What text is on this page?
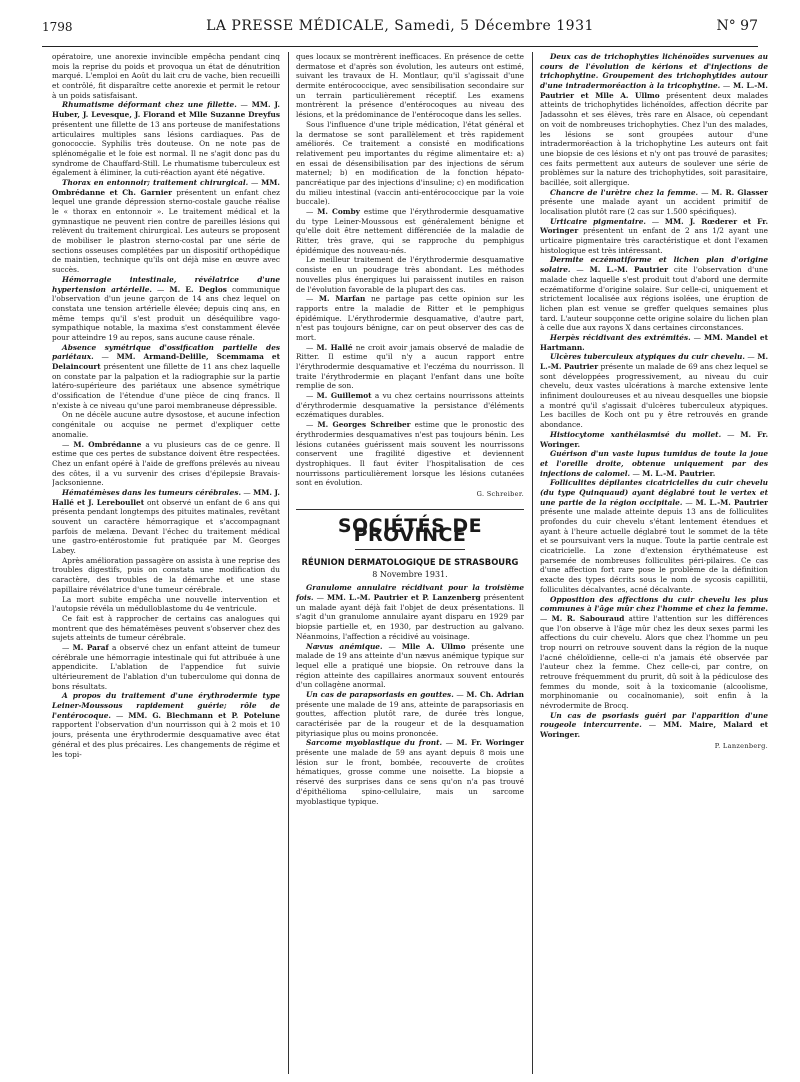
1798	LA PRESSE MÉDICALE, Samedi, 5 Décembre 1931	N° 97

opératoire, une anorexie invincible empêcha pendant cinq mois la reprise du poids et provoqua un état de dénutrition marqué. L'emploi en Août du lait cru de vache, bien recueilli et contrôlé, fit disparaître cette anorexie et permit le retour à un poids satisfaisant.

Rhumatisme déformant chez une fillette. — MM. J. Huber, J. Levesque, J. Florand et Mlle Suzanne Dreyfus présentent une fillette de 13 ans porteuse de manifestations articulaires multiples sans lésions cardiaques. Pas de gonococcie. Syphilis très douteuse. On ne note pas de splénomégalie et le foie est normal. Il ne s'agit donc pas du syndrome de Chauffard-Still. Le rhumatisme tuberculeux est également à éliminer, la cuti-réaction ayant été négative.

Thorax en entonnoir; traitement chirurgical. — MM. Ombrédanne et Ch. Garnier présentent un enfant chez lequel une grande dépression sterno-costale gauche réalise le « thorax en entonnoir ». Le traitement médical et la gymnastique ne peuvent rien contre de pareilles lésions qui relèvent du traitement chirurgical. Les auteurs se proposent de mobiliser le plastron sterno-costal par une série de sections osseuses complétées par un dispositif orthopédique de maintien, technique qu'ils ont déjà mise en œuvre avec succès.

Hémorragie intestinale, révélatrice d'une hypertension artérielle. — M. E. Deglos communique l'observation d'un jeune garçon de 14 ans chez lequel on constata une tension artérielle élevée; depuis cinq ans, en même temps qu'il s'est produit un déséquilibre vago-sympathique notable, la maxima s'est constamment élevée pour atteindre 19 au repos, sans aucune cause rénale.

Absence symétrique d'ossification partielle des pariétaux. — MM. Armand-Delille, Scemmama et Delaincourt présentent une fillette de 11 ans chez laquelle on constate par la palpation et la radiographie sur la partie latéro-supérieure des pariétaux une absence symétrique d'ossification de l'étendue d'une pièce de cinq francs. Il n'existe à ce niveau qu'une paroi membraneuse dépressible.

On ne décèle aucune autre dysostose, et aucune infection congénitale ou acquise ne permet d'expliquer cette anomalie.

— M. Ombrédanne a vu plusieurs cas de ce genre. Il estime que ces pertes de substance doivent être respectées. Chez un enfant opéré à l'aide de greffons prélevés au niveau des côtes, il a vu survenir des crises d'épilepsie Bravais-Jacksonienne.

Hématémèses dans les tumeurs cérébrales. — MM. J. Hallé et J. Lereboullet ont observé un enfant de 6 ans qui présenta pendant longtemps des pituites matinales, revêtant souvent un caractère hémorragique et s'accompagnant parfois de melæna. Devant l'échec du traitement médical une gastro-entérostomie fut pratiquée par M. Georges Labey.

Après amélioration passagère on assista à une reprise des troubles digestifs, puis on constata une modification du caractère, des troubles de la démarche et une stase papillaire révélatrice d'une tumeur cérébrale.

La mort subite empêcha une nouvelle intervention et l'autopsie révéla un médulloblastome du 4e ventricule.

Ce fait est à rapprocher de certains cas analogues qui montrent que des hématémèses peuvent s'observer chez des sujets atteints de tumeur cérébrale.

— M. Paraf a observé chez un enfant atteint de tumeur cérébrale une hémorragie intestinale qui fut attribuée à une appendicite. L'ablation de l'appendice fut suivie ultérieurement de l'ablation d'un tuberculome qui donna de bons résultats.

A propos du traitement d'une érythrodermie type Leiner-Moussous rapidement guérie; rôle de l'entérocoque. — MM. G. Blechmann et P. Potelune rapportent l'observation d'un nourrisson qui à 2 mois et 10 jours, présenta une érythrodermie desquamative avec état général et des plus précaires. Les changements de régime et les topi-

ques locaux se montrèrent inefficaces. En présence de cette dermatose et d'après son évolution, les auteurs ont estimé, suivant les travaux de H. Montlaur, qu'il s'agissait d'une dermite entérococcique, avec sensibilisation secondaire sur un terrain particulièrement réceptif. Les examens montrèrent la présence d'entérocoques au niveau des lésions, et la prédominance de l'entérocoque dans les selles.

Sous l'influence d'une triple médication, l'état général et la dermatose se sont parallèlement et très rapidement améliorés. Ce traitement a consisté en modifications relativement peu importantes du régime alimentaire et: a) en essai de désensibilisation par des injections de sérum maternel; b) en modification de la fonction hépato-pancréatique par des injections d'insuline; c) en modification du milieu intestinal (vaccin anti-entérococcique par la voie buccale).

— M. Comby estime que l'érythrodermie desquamative du type Leiner-Moussous est généralement bénigne et qu'elle doit être nettement différenciée de la maladie de Ritter, très grave, qui se rapproche du pemphigus épidémique des nouveau-nés.

Le meilleur traitement de l'érythrodermie desquamative consiste en un poudrage très abondant. Les méthodes nouvelles plus énergiques lui paraissent inutiles en raison de l'évolution favorable de la plupart des cas.

— M. Marfan ne partage pas cette opinion sur les rapports entre la maladie de Ritter et le pemphigus épidémique. L'érythrodermie desquamative, d'autre part, n'est pas toujours bénigne, car on peut observer des cas de mort.

— M. Hallé ne croit avoir jamais observé de maladie de Ritter. Il estime qu'il n'y a aucun rapport entre l'érythrodermie desquamative et l'eczéma du nourrisson. Il traite l'érythrodermie en plaçant l'enfant dans une boîte remplie de son.

— M. Guillemot a vu chez certains nourrissons atteints d'érythrodermie desquamative la persistance d'éléments eczématiques durables.

— M. Georges Schreiber estime que le pronostic des érythrodermies desquamatives n'est pas toujours bénin. Les lésions cutanées guérissent mais souvent les nourrissons conservent une fragilité digestive et deviennent dystrophiques. Il faut éviter l'hospitalisation de ces nourrissons particulièrement lorsque les lésions cutanées sont en évolution.

G. Schreiber.
SOCIÉTÉS DE PROVINCE
RÉUNION DERMATOLOGIQUE DE STRASBOURG
8 Novembre 1931.

Granulome annulaire récidivant pour la troisième fois. — MM. L.-M. Pautrier et P. Lanzenberg présentent un malade ayant déjà fait l'objet de deux présentations. Il s'agit d'un granulome annulaire ayant disparu en 1929 par biopsie partielle et, en 1930, par destruction au galvano. Néanmoins, l'affection a récidivé au voisinage.

Nævus anémique. — Mlle A. Ullmo présente une malade de 19 ans atteinte d'un nævus anémique typique sur lequel elle a pratiqué une biopsie. On retrouve dans la région atteinte des capillaires anormaux souvent entourés d'un collagène anormal.

Un cas de parapsoriasis en gouttes. — M. Ch. Adrian présente une malade de 19 ans, atteinte de parapsoriasis en gouttes, affection plutôt rare, de durée très longue, caractérisée par de la rougeur et de la desquamation pityriasique plus ou moins prononcée.

Sarcome myoblastique du front. — M. Fr. Woringer présente une malade de 59 ans ayant depuis 8 mois une lésion sur le front, bombée, recouverte de croûtes hématiques, grosse comme une noisette. La biopsie a réservé des surprises dans ce sens qu'on n'a pas trouvé d'épithélioma spino-cellulaire, mais un sarcome myoblastique typique.

Deux cas de trichophyties lichénoïdes survenues au cours de l'évolution de kérions et d'injections de trichophytine. Groupement des trichophytides autour d'une intradermoréaction à la tricophytine. — M. L.-M. Pautrier et Mlle A. Ullmo présentent deux malades atteints de trichophytides lichénoïdes, affection décrite par Jadassohn et ses élèves, très rare en Alsace, où cependant on voit de nombreuses trichophyties. Chez l'un des malades, les lésions se sont groupées autour d'une intradermoréaction à la trichophytine Les auteurs ont fait une biopsie de ces lésions et n'y ont pas trouvé de parasites; ces faits permettent aux auteurs de soulever une série de problèmes sur la nature des trichophytides, soit parasitaire, bacillée, soit allergique.

Chancre de l'urètre chez la femme. — M. R. Glasser présente une malade ayant un accident primitif de localisation plutôt rare (2 cas sur 1.500 spécifiques).

Urticaire pigmentaire. — MM. J. Rœderer et Fr. Woringer présentent un enfant de 2 ans 1/2 ayant une urticaire pigmentaire très caractéristique et dont l'examen histologique est très intéressant.

Dermite eczématiforme et lichen plan d'origine solaire. — M. L.-M. Pautrier cite l'observation d'une malade chez laquelle s'est produit tout d'abord une dermite eczématiforme d'origine solaire. Sur celle-ci, uniquement et strictement localisée aux régions isolées, une éruption de lichen plan est venue se greffer quelques semaines plus tard. L'auteur soupçonne cette origine solaire du lichen plan à celle due aux rayons X dans certaines circonstances.

Herpès récidivant des extrémités. — MM. Mandel et Hartmann.

Ulcères tuberculeux atypiques du cuir chevelu. — M. L.-M. Pautrier présente un malade de 69 ans chez lequel se sont développées progressivement, au niveau du cuir chevelu, deux vastes ulcérations à marche extensive lente infiniment douloureuses et au niveau desquelles une biopsie a montré qu'il s'agissait d'ulcères tuberculeux atypiques. Les bacilles de Koch ont pu y être retrouvés en grande abondance.

Histiocytome xanthélasmisé du mollet. — M. Fr. Woringer.

Guérison d'un vaste lupus tumidus de toute la joue et l'oreille droite, obtenue uniquement par des injections de calomel. — M. L.-M. Pautrier.

Folliculites dépilantes cicatricielles du cuir chevelu (du type Quinquaud) ayant déglabré tout le vertex et une partie de la région occipitale. — M. L.-M. Pautrier présente une malade atteinte depuis 13 ans de folliculites profondes du cuir chevelu s'étant lentement étendues et ayant à l'heure actuelle déglabré tout le sommet de la tête et se poursuivant vers la nuque. Toute la partie centrale est cicatricielle. La zone d'extension érythémateuse est parsemée de nombreuses folliculites péri-pilaires. Ce cas d'une affection fort rare pose le problème de la définition exacte des types décrits sous le nom de sycosis capillitii, folliculites décalvantes, acné décalvante.

Opposition des affections du cuir chevelu les plus communes à l'âge mûr chez l'homme et chez la femme. — M. R. Sabouraud attire l'attention sur les différences que l'on observe à l'âge mûr chez les deux sexes parmi les affections du cuir chevelu. Alors que chez l'homme un peu trop nourri on retrouve souvent dans la région de la nuque l'acné chéloïdienne, celle-ci n'a jamais été observée par l'auteur chez la femme. Chez celle-ci, par contre, on retrouve fréquemment du prurit, dû soit à la pédiculose des femmes du monde, soit à la toxicomanie (alcoolisme, morphinomanie ou cocaïnomanie), soit enfin à la névrodermite de Brocq.

Un cas de psoriasis guéri par l'apparition d'une rougeole intercurrente. — MM. Maire, Malard et Woringer.

P. Lanzenberg.
